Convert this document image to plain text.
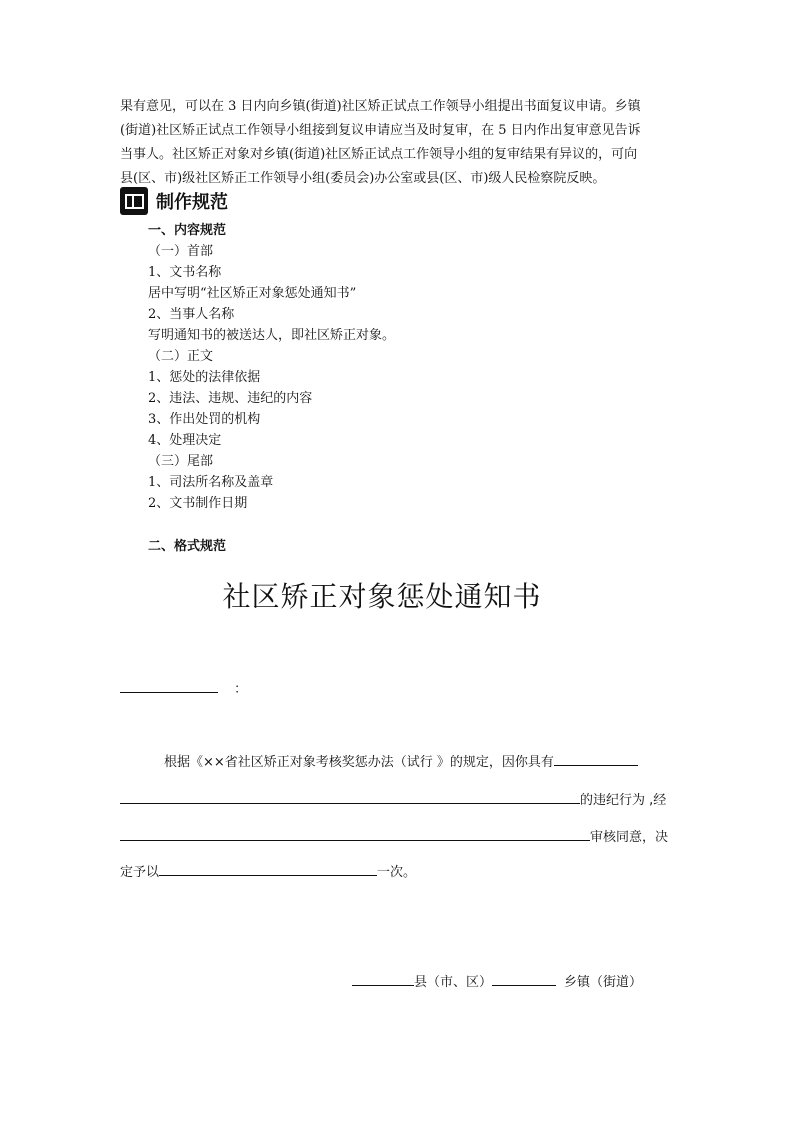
果有意见，可以在 3 日内向乡镇(街道)社区矫正试点工作领导小组提出书面复议申请。乡镇

(街道)社区矫正试点工作领导小组接到复议申请应当及时复审，在 5 日内作出复审意见告诉

当事人。社区矫正对象对乡镇(街道)社区矫正试点工作领导小组的复审结果有异议的，可向

县(区、市)级社区矫正工作领导小组(委员会)办公室或县(区、市)级人民检察院反映。

制作规范
一、内容规范
（一）首部
1、文书名称
居中写明“社区矫正对象惩处通知书”
2、当事人名称
写明通知书的被送达人，即社区矫正对象。
（二）正文
1、惩处的法律依据
2、违法、违规、违纪的内容
3、作出处罚的机构
4、处理决定
（三）尾部
1、司法所名称及盖章
2、文书制作日期
二、格式规范
社区矫正对象惩处通知书
：
根据《××省社区矫正对象考核奖惩办法（试行 》的规定，因你具有
的违纪行为 ,经
审核同意，决
定予以	一次。
县（市、区）	乡镇（街道）
